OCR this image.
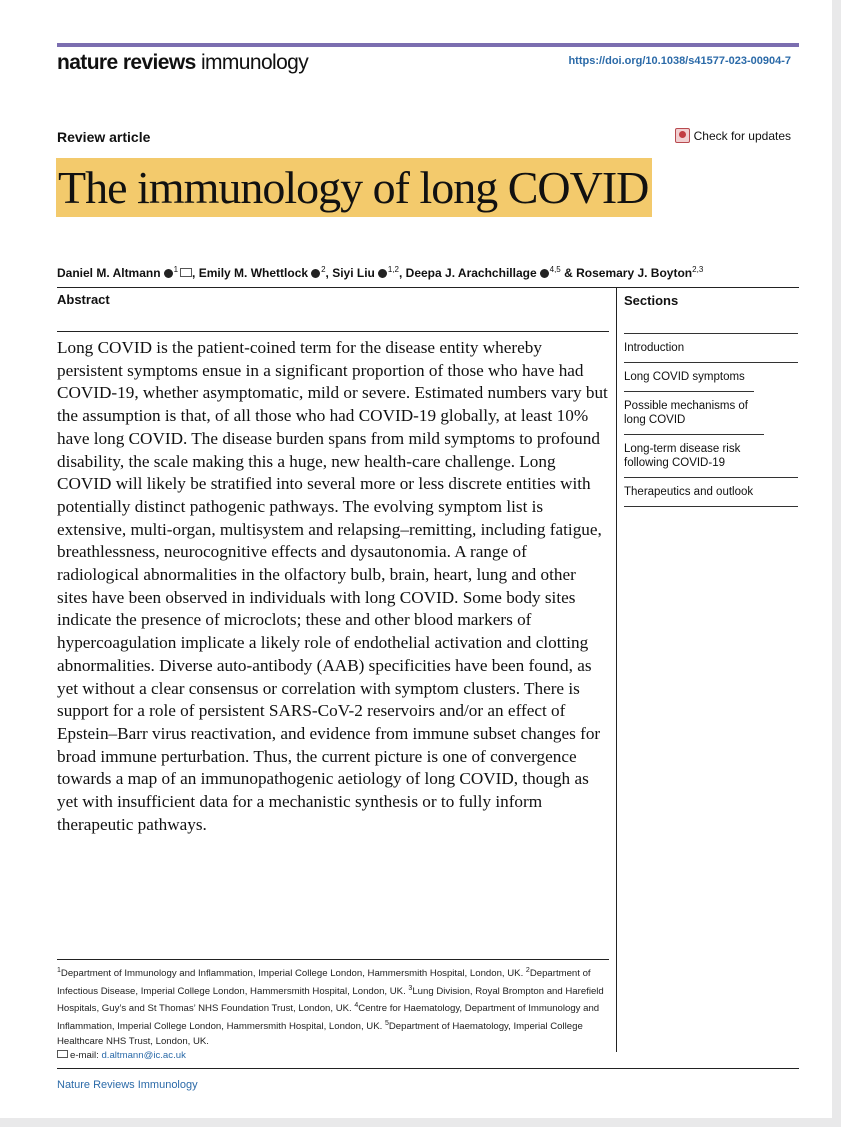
nature reviews immunology	https://doi.org/10.1038/s41577-023-00904-7
Review article	Check for updates
The immunology of long COVID
Daniel M. Altmann $^1$ , Emily M. Whettlock $^2$, Siyi Liu $^{1,2}$, Deepa J. Arachchillage $^{4,5}$ & Rosemary J. Boyton$^{2,3}$
Abstract
Long COVID is the patient-coined term for the disease entity whereby persistent symptoms ensue in a significant proportion of those who have had COVID-19, whether asymptomatic, mild or severe. Estimated numbers vary but the assumption is that, of all those who had COVID-19 globally, at least 10% have long COVID. The disease burden spans from mild symptoms to profound disability, the scale making this a huge, new health-care challenge. Long COVID will likely be stratified into several more or less discrete entities with potentially distinct pathogenic pathways. The evolving symptom list is extensive, multi-organ, multisystem and relapsing–remitting, including fatigue, breathlessness, neurocognitive effects and dysautonomia. A range of radiological abnormalities in the olfactory bulb, brain, heart, lung and other sites have been observed in individuals with long COVID. Some body sites indicate the presence of microclots; these and other blood markers of hypercoagulation implicate a likely role of endothelial activation and clotting abnormalities. Diverse auto-antibody (AAB) specificities have been found, as yet without a clear consensus or correlation with symptom clusters. There is support for a role of persistent SARS-CoV-2 reservoirs and/or an effect of Epstein–Barr virus reactivation, and evidence from immune subset changes for broad immune perturbation. Thus, the current picture is one of convergence towards a map of an immunopathogenic aetiology of long COVID, though as yet with insufficient data for a mechanistic synthesis or to fully inform therapeutic pathways.
Sections
Introduction
Long COVID symptoms
Possible mechanisms of long COVID
Long-term disease risk following COVID-19
Therapeutics and outlook

$^1$Department of Immunology and Inflammation, Imperial College London, Hammersmith Hospital, London, UK. $^2$Department of Infectious Disease, Imperial College London, Hammersmith Hospital, London, UK. $^3$Lung Division, Royal Brompton and Harefield Hospitals, Guy’s and St Thomas’ NHS Foundation Trust, London, UK. $^4$Centre for Haematology, Department of Immunology and Inflammation, Imperial College London, Hammersmith Hospital, London, UK. $^5$Department of Haematology, Imperial College Healthcare NHS Trust, London, UK.

e-mail: d.altmann@ic.ac.uk

Nature Reviews Immunology
